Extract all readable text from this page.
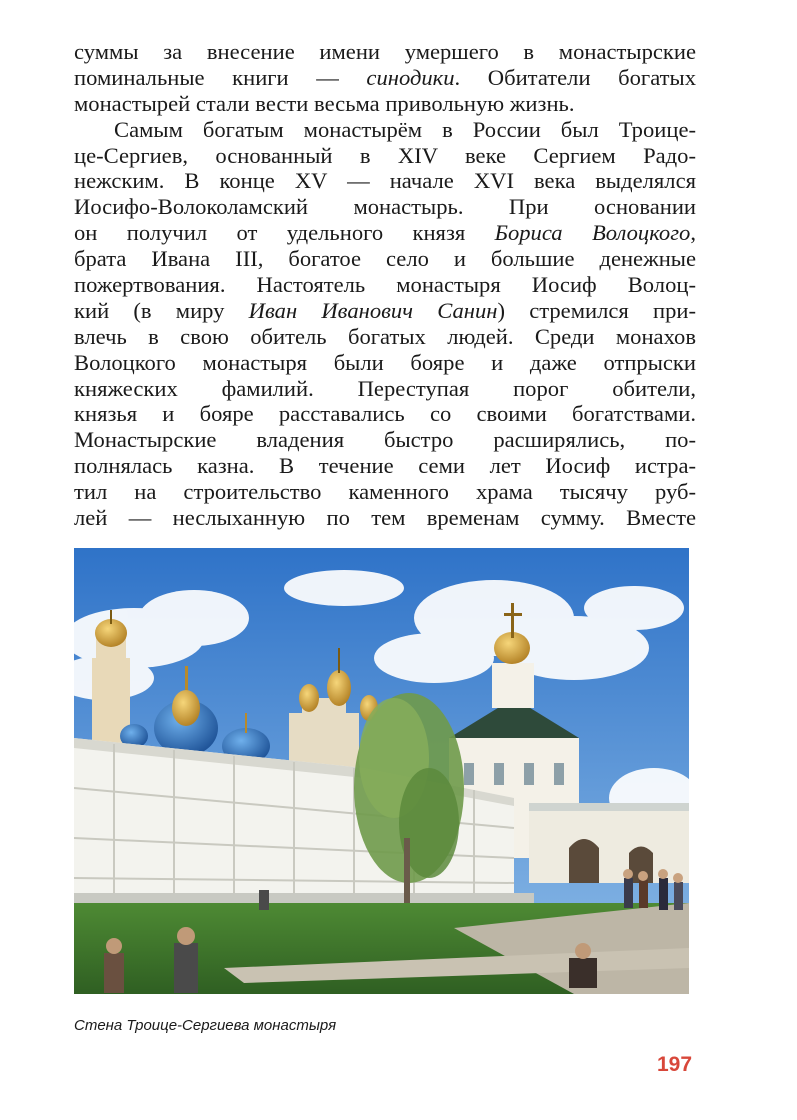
суммы за внесение имени умершего в монастырские
поминальные книги — синодики. Обитатели богатых
монастырей стали вести весьма привольную жизнь.
Самым богатым монастырём в России был Троице-
це-Сергиев, основанный в XIV веке Сергием Радо-
нежским. В конце XV — начале XVI века выделялся
Иосифо-Волоколамский монастырь. При основании
он получил от удельного князя Бориса Волоцкого,
брата Ивана III, богатое село и большие денежные
пожертвования. Настоятель монастыря Иосиф Волоц-
кий (в миру Иван Иванович Санин) стремился при-
влечь в свою обитель богатых людей. Среди монахов
Волоцкого монастыря были бояре и даже отпрыски
княжеских фамилий. Переступая порог обители,
князья и бояре расставались со своими богатствами.
Монастырские владения быстро расширялись, по-
полнялась казна. В течение семи лет Иосиф истра-
тил на строительство каменного храма тысячу руб-
лей — неслыханную по тем временам сумму. Вместе
Стена Троице-Сергиева монастыря
197
